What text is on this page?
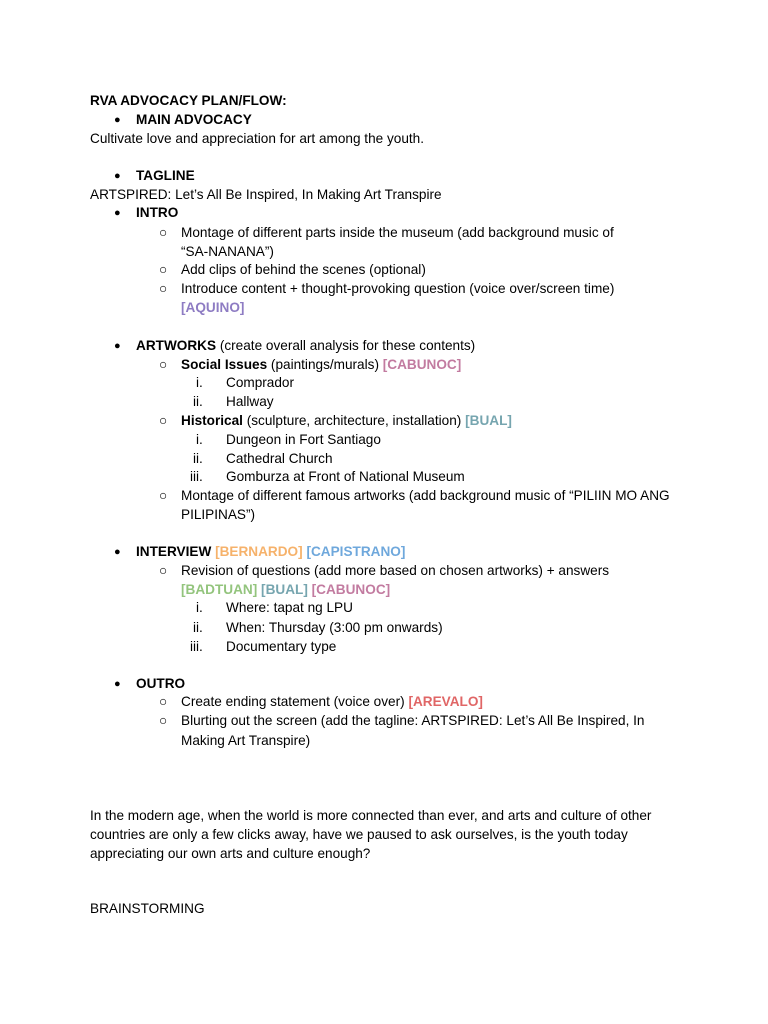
RVA ADVOCACY PLAN/FLOW:
● MAIN ADVOCACY
Cultivate love and appreciation for art among the youth.
● TAGLINE
ARTSPIRED: Let’s All Be Inspired, In Making Art Transpire
● INTRO
○ Montage of different parts inside the museum (add background music of
“SA-NANANA”)
○ Add clips of behind the scenes (optional)
○ Introduce content + thought-provoking question (voice over/screen time)
[AQUINO]
● ARTWORKS (create overall analysis for these contents)
○ Social Issues (paintings/murals) [CABUNOC]
i. Comprador
ii. Hallway
○ Historical (sculpture, architecture, installation) [BUAL]
i. Dungeon in Fort Santiago
ii. Cathedral Church
iii. Gomburza at Front of National Museum
○ Montage of different famous artworks (add background music of “PILIIN MO ANG
PILIPINAS”)
● INTERVIEW [BERNARDO] [CAPISTRANO]
○ Revision of questions (add more based on chosen artworks) + answers
[BADTUAN] [BUAL] [CABUNOC]
i. Where: tapat ng LPU
ii. When: Thursday (3:00 pm onwards)
iii. Documentary type
● OUTRO
○ Create ending statement (voice over) [AREVALO]
○ Blurting out the screen (add the tagline: ARTSPIRED: Let’s All Be Inspired, In
Making Art Transpire)
In the modern age, when the world is more connected than ever, and arts and culture of other
countries are only a few clicks away, have we paused to ask ourselves, is the youth today
appreciating our own arts and culture enough?
BRAINSTORMING
